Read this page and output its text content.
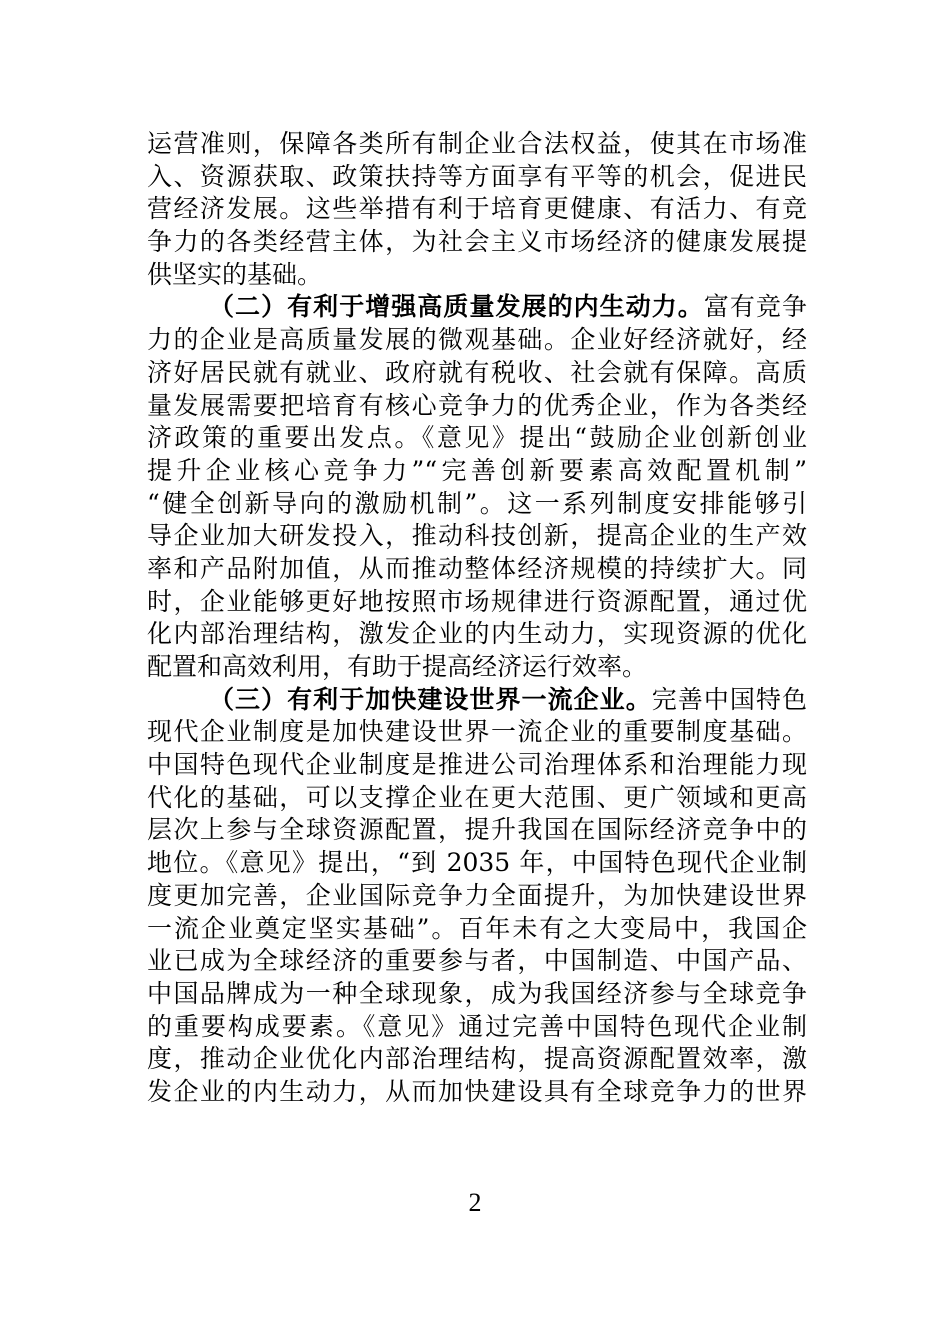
运营准则，保障各类所有制企业合法权益，使其在市场准
入、资源获取、政策扶持等方面享有平等的机会，促进民
营经济发展。这些举措有利于培育更健康、有活力、有竞
争力的各类经营主体，为社会主义市场经济的健康发展提
供坚实的基础。
（二）有利于增强高质量发展的内生动力。富有竞争
力的企业是高质量发展的微观基础。企业好经济就好，经
济好居民就有就业、政府就有税收、社会就有保障。高质
量发展需要把培育有核心竞争力的优秀企业，作为各类经
济政策的重要出发点。《意见》提出“鼓励企业创新创业
提升企业核心竞争力”“完善创新要素高效配置机制”
“健全创新导向的激励机制”。这一系列制度安排能够引
导企业加大研发投入，推动科技创新，提高企业的生产效
率和产品附加值，从而推动整体经济规模的持续扩大。同
时，企业能够更好地按照市场规律进行资源配置，通过优
化内部治理结构，激发企业的内生动力，实现资源的优化
配置和高效利用，有助于提高经济运行效率。
（三）有利于加快建设世界一流企业。完善中国特色
现代企业制度是加快建设世界一流企业的重要制度基础。
中国特色现代企业制度是推进公司治理体系和治理能力现
代化的基础，可以支撑企业在更大范围、更广领域和更高
层次上参与全球资源配置，提升我国在国际经济竞争中的
地位。《意见》提出，“到 2035 年，中国特色现代企业制
度更加完善，企业国际竞争力全面提升，为加快建设世界
一流企业奠定坚实基础”。百年未有之大变局中，我国企
业已成为全球经济的重要参与者，中国制造、中国产品、
中国品牌成为一种全球现象，成为我国经济参与全球竞争
的重要构成要素。《意见》通过完善中国特色现代企业制
度，推动企业优化内部治理结构，提高资源配置效率，激
发企业的内生动力，从而加快建设具有全球竞争力的世界
2
